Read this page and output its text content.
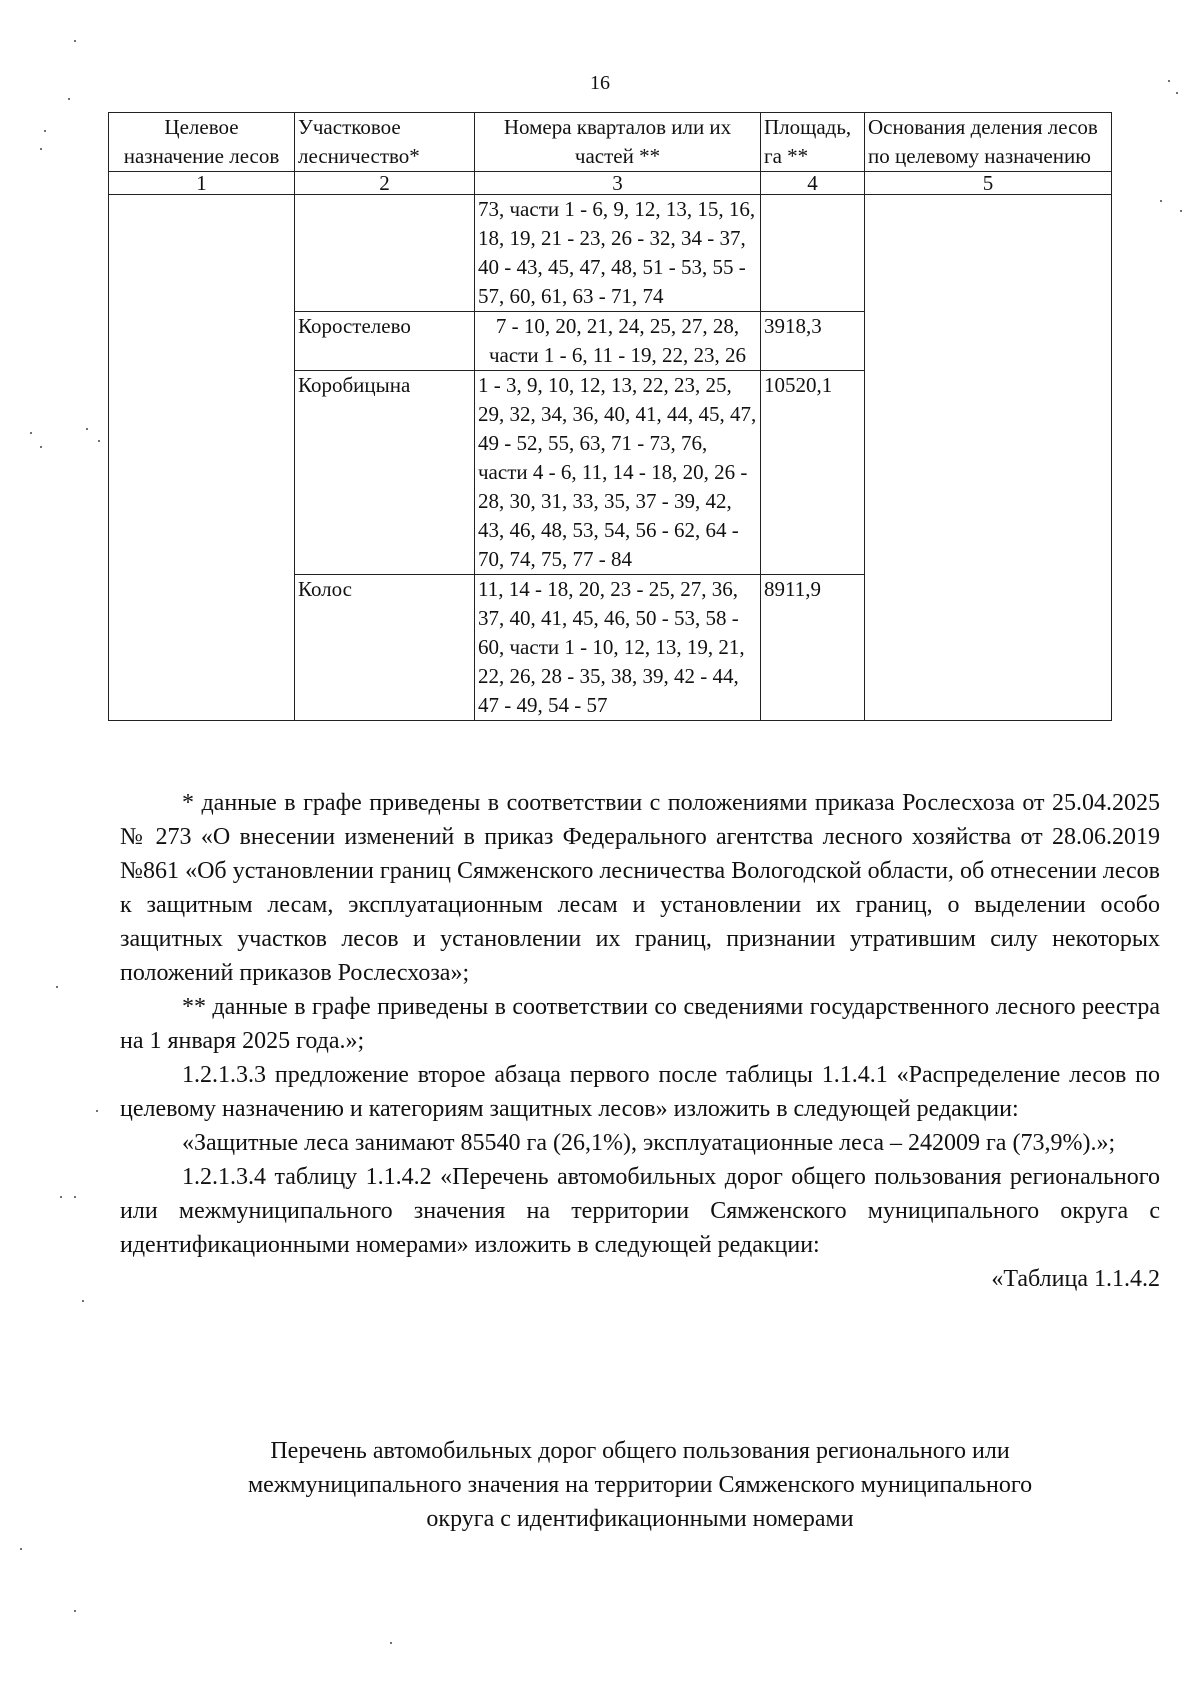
16
Целевое назначение лесов	Участковое лесничество*	Номера кварталов или их частей **	Площадь, га **	Основания деления лесов по целевому назначению
1	2	3	4	5
		73, части 1 - 6, 9, 12, 13, 15, 16, 18, 19, 21 - 23, 26 - 32, 34 - 37, 40 - 43, 45, 47, 48, 51 - 53, 55 - 57, 60, 61, 63 - 71, 74		
	Коростелево	7 - 10, 20, 21, 24, 25, 27, 28, части 1 - 6, 11 - 19, 22, 23, 26	3918,3	
	Коробицына	1 - 3, 9, 10, 12, 13, 22, 23, 25, 29, 32, 34, 36, 40, 41, 44, 45, 47, 49 - 52, 55, 63, 71 - 73, 76, части 4 - 6, 11, 14 - 18, 20, 26 - 28, 30, 31, 33, 35, 37 - 39, 42, 43, 46, 48, 53, 54, 56 - 62, 64 - 70, 74, 75, 77 - 84	10520,1	
	Колос	11, 14 - 18, 20, 23 - 25, 27, 36, 37, 40, 41, 45, 46, 50 - 53, 58 - 60, части 1 - 10, 12, 13, 19, 21, 22, 26, 28 - 35, 38, 39, 42 - 44, 47 - 49, 54 - 57	8911,9	

* данные в графе приведены в соответствии с положениями приказа Рослесхоза от 25.04.2025 № 273 «О внесении изменений в приказ Федерального агентства лесного хозяйства от 28.06.2019 №861 «Об установлении границ Сямженского лесничества Вологодской области, об отнесении лесов к защитным лесам, эксплуатационным лесам и установлении их границ, о выделении особо защитных участков лесов и установлении их границ, признании утратившим силу некоторых положений приказов Рослесхоза»;

** данные в графе приведены в соответствии со сведениями государственного лесного реестра на 1 января 2025 года.»;

1.2.1.3.3 предложение второе абзаца первого после таблицы 1.1.4.1 «Распределение лесов по целевому назначению и категориям защитных лесов» изложить в следующей редакции:

«Защитные леса занимают 85540 га (26,1%), эксплуатационные леса – 242009 га (73,9%).»;

1.2.1.3.4 таблицу 1.1.4.2 «Перечень автомобильных дорог общего пользования регионального или межмуниципального значения на территории Сямженского муниципального округа с идентификационными номерами» изложить в следующей редакции:

«Таблица 1.1.4.2

Перечень автомобильных дорог общего пользования регионального или
межмуниципального значения на территории Сямженского муниципального
округа с идентификационными номерами
